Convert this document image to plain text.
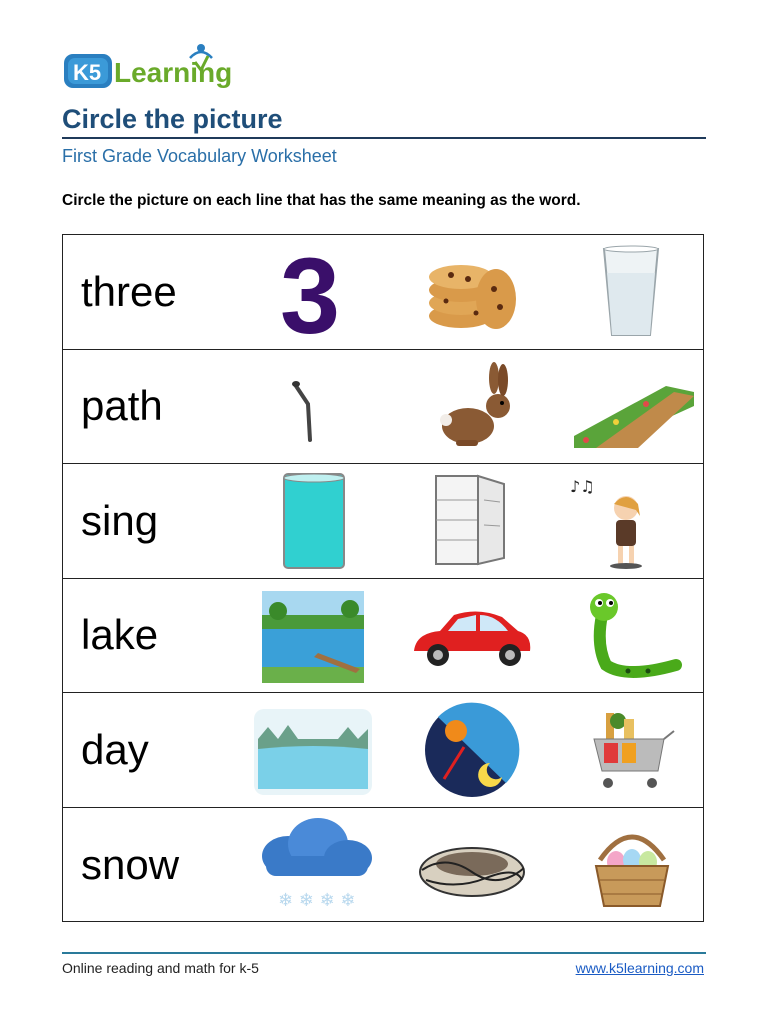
K5 Learning
Circle the picture
First Grade Vocabulary Worksheet
Circle the picture on each line that has the same meaning as the word.
three 3
path
sing
♪♫
lake
day
snow
❄ ❄ ❄ ❄
Online reading and math for k-5	www.k5learning.com
